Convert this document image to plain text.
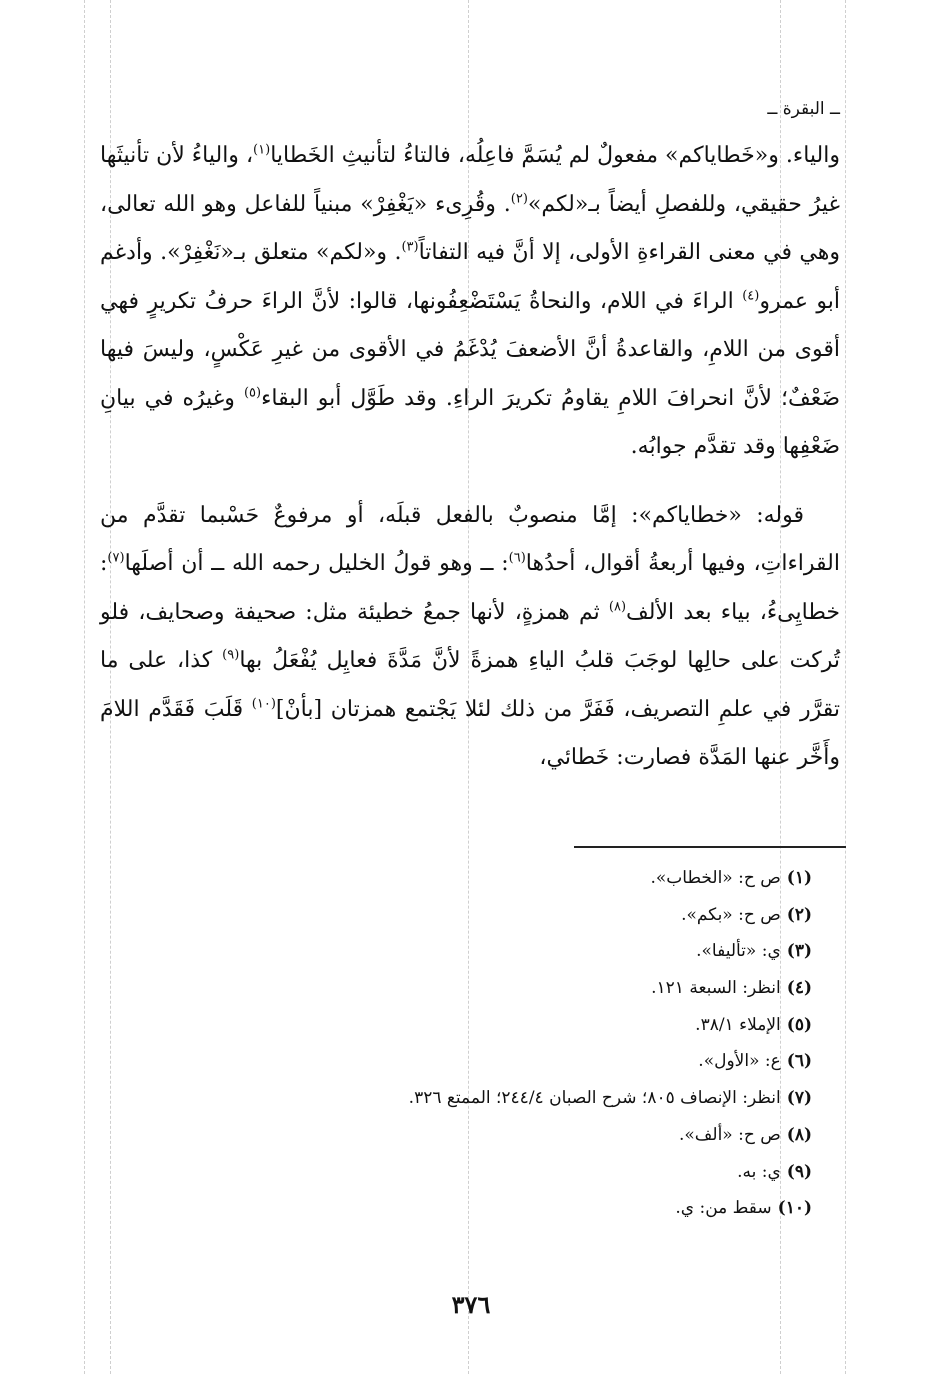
ــ البقرة ــ

والياء. و«خَطاياكم» مفعولٌ لم يُسَمَّ فاعِلُه، فالتاءُ لتأنيثِ الخَطايا$^{(١)}$، والياءُ لأن تأنيثَها غيرُ حقيقي، وللفصلِ أيضاً بـ«لكم»$^{(٢)}$. وقُرِىء «يَغْفِرْ» مبنياً للفاعل وهو الله تعالى، وهي في معنى القراءةِ الأولى، إلا أنَّ فيه التفاتاً$^{(٣)}$. و«لكم» متعلق بـ«نَغْفِرْ». وأدغم أبو عمرو$^{(٤)}$ الراءَ في اللام، والنحاةُ يَسْتَضْعِفُونها، قالوا: لأنَّ الراءَ حرفُ تكريرٍ فهي أقوى من اللامِ، والقاعدةُ أنَّ الأضعفَ يُدْغَمُ في الأقوى من غيرِ عَكْسٍ، وليسَ فيها ضَعْفٌ؛ لأنَّ انحرافَ اللامِ يقاومُ تكريرَ الراءِ. وقد طَوَّل أبو البقاء$^{(٥)}$ وغيرُه في بيانِ ضَعْفِها وقد تقدَّم جوابُه.

قوله: «خطاياكم»: إمَّا منصوبٌ بالفعل قبلَه، أو مرفوعٌ حَسْبما تقدَّم من القراءاتِ، وفيها أربعةُ أقوال، أحدُها$^{(٦)}$: ــ وهو قولُ الخليل رحمه الله ــ أن أصلَها$^{(٧)}$: خطايِىءُ، بياء بعد الألف$^{(٨)}$ ثم همزةٍ، لأنها جمعُ خطيئة مثل: صحيفة وصحايف، فلو تُركت على حالِها لوجَبَ قلبُ الياءِ همزةً لأنَّ مَدَّةَ فعايِل يُفْعَلُ بها$^{(٩)}$ كذا، على ما تقرَّر في علمِ التصريف، فَفَرَّ من ذلك لئلا يَجْتمع همزتان [بأنْ]$^{(١٠)}$ قَلَبَ فَقَدَّم اللامَ وأَخَّر عنها المَدَّة فصارت: خَطائي،

(١)ص ح: «الخطاب».
(٢)ص ح: «بكم».
(٣)ي: «تأليفا».
(٤)انظر: السبعة ١٢١.
(٥)الإملاء ٣٨/١.
(٦)ع: «الأول».
(٧)انظر: الإنصاف ٨٠٥؛ شرح الصبان ٢٤٤/٤؛ الممتع ٣٢٦.
(٨)ص ح: «ألف».
(٩)ي: به.
(١٠)سقط من: ي.
٣٧٦
